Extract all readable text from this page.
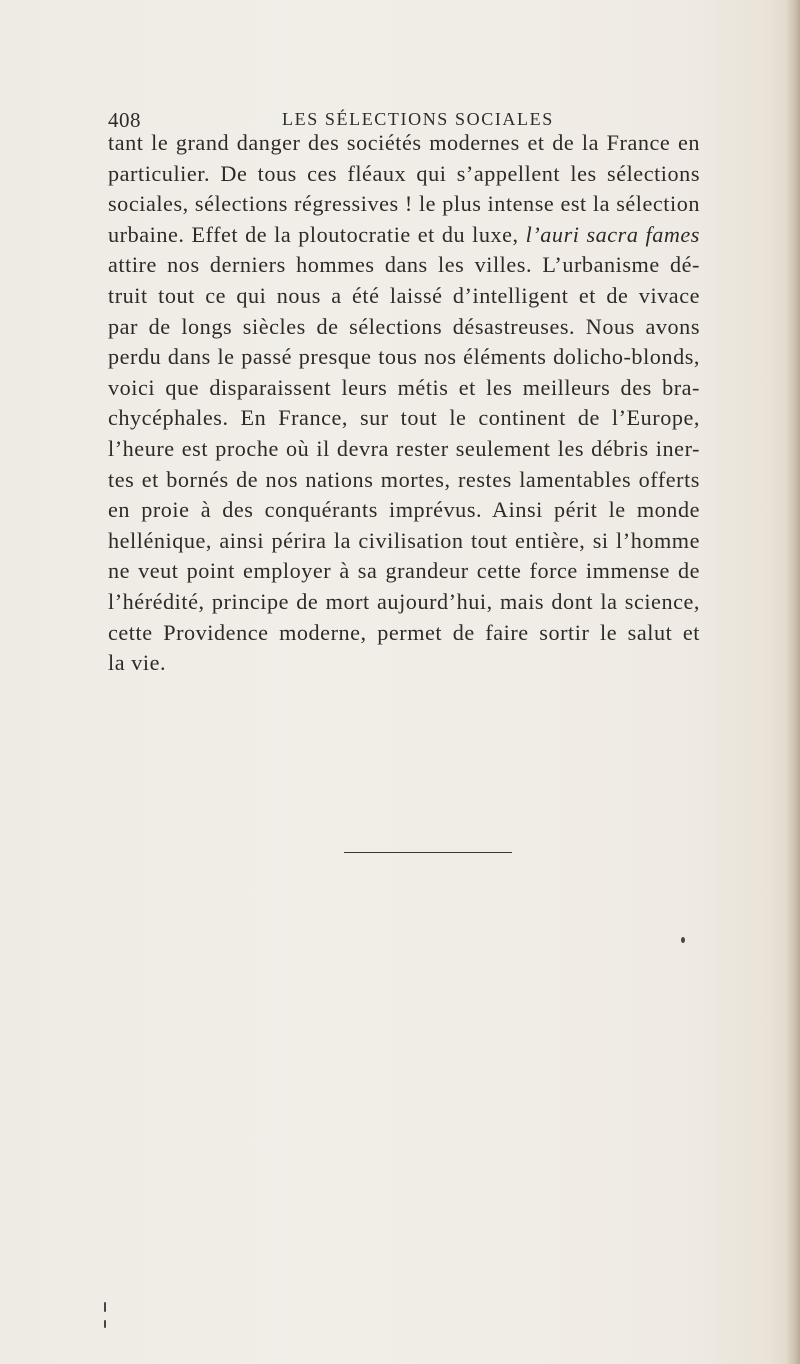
408	LES SÉLECTIONS SOCIALES

tant le grand danger des sociétés modernes et de la France en
particulier. De tous ces fléaux qui s’appellent les sélections
sociales, sélections régressives ! le plus intense est la sélection
urbaine. Effet de la ploutocratie et du luxe, l’auri sacra fames
attire nos derniers hommes dans les villes. L’urbanisme dé-
truit tout ce qui nous a été laissé d’intelligent et de vivace
par de longs siècles de sélections désastreuses. Nous avons
perdu dans le passé presque tous nos éléments dolicho-blonds,
voici que disparaissent leurs métis et les meilleurs des bra-
chycéphales. En France, sur tout le continent de l’Europe,
l’heure est proche où il devra rester seulement les débris iner-
tes et bornés de nos nations mortes, restes lamentables offerts
en proie à des conquérants imprévus. Ainsi périt le monde
hellénique, ainsi périra la civilisation tout entière, si l’homme
ne veut point employer à sa grandeur cette force immense de
l’hérédité, principe de mort aujourd’hui, mais dont la science,
cette Providence moderne, permet de faire sortir le salut et
la vie.
